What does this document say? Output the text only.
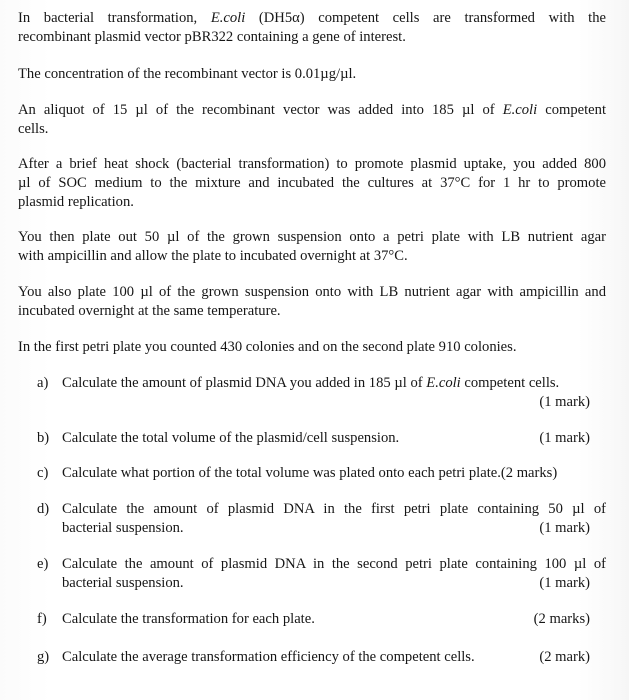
In bacterial transformation, E.coli (DH5α) competent cells are transformed with the
recombinant plasmid vector pBR322 containing a gene of interest.

The concentration of the recombinant vector is 0.01µg/µl.

An aliquot of 15 µl of the recombinant vector was added into 185 µl of E.coli competent
cells.

After a brief heat shock (bacterial transformation) to promote plasmid uptake, you added 800
µl of SOC medium to the mixture and incubated the cultures at 37°C for 1 hr to promote
plasmid replication.

You then plate out 50 µl of the grown suspension onto a petri plate with LB nutrient agar
with ampicillin and allow the plate to incubated overnight at 37°C.

You also plate 100 µl of the grown suspension onto with LB nutrient agar with ampicillin and
incubated overnight at the same temperature.

In the first petri plate you counted 430 colonies and on the second plate 910 colonies.

a) Calculate the amount of plasmid DNA you added in 185 µl of E.coli competent cells.
(1 mark)
b) Calculate the total volume of the plasmid/cell suspension.	(1 mark)
c) Calculate what portion of the total volume was plated onto each petri plate.(2 marks)
d) Calculate the amount of plasmid DNA in the first petri plate containing 50 µl of
bacterial suspension.	(1 mark)
e) Calculate the amount of plasmid DNA in the second petri plate containing 100 µl of
bacterial suspension.	(1 mark)
f)	Calculate the transformation for each plate.	(2 marks)
g) Calculate the average transformation efficiency of the competent cells.	(2 mark)
